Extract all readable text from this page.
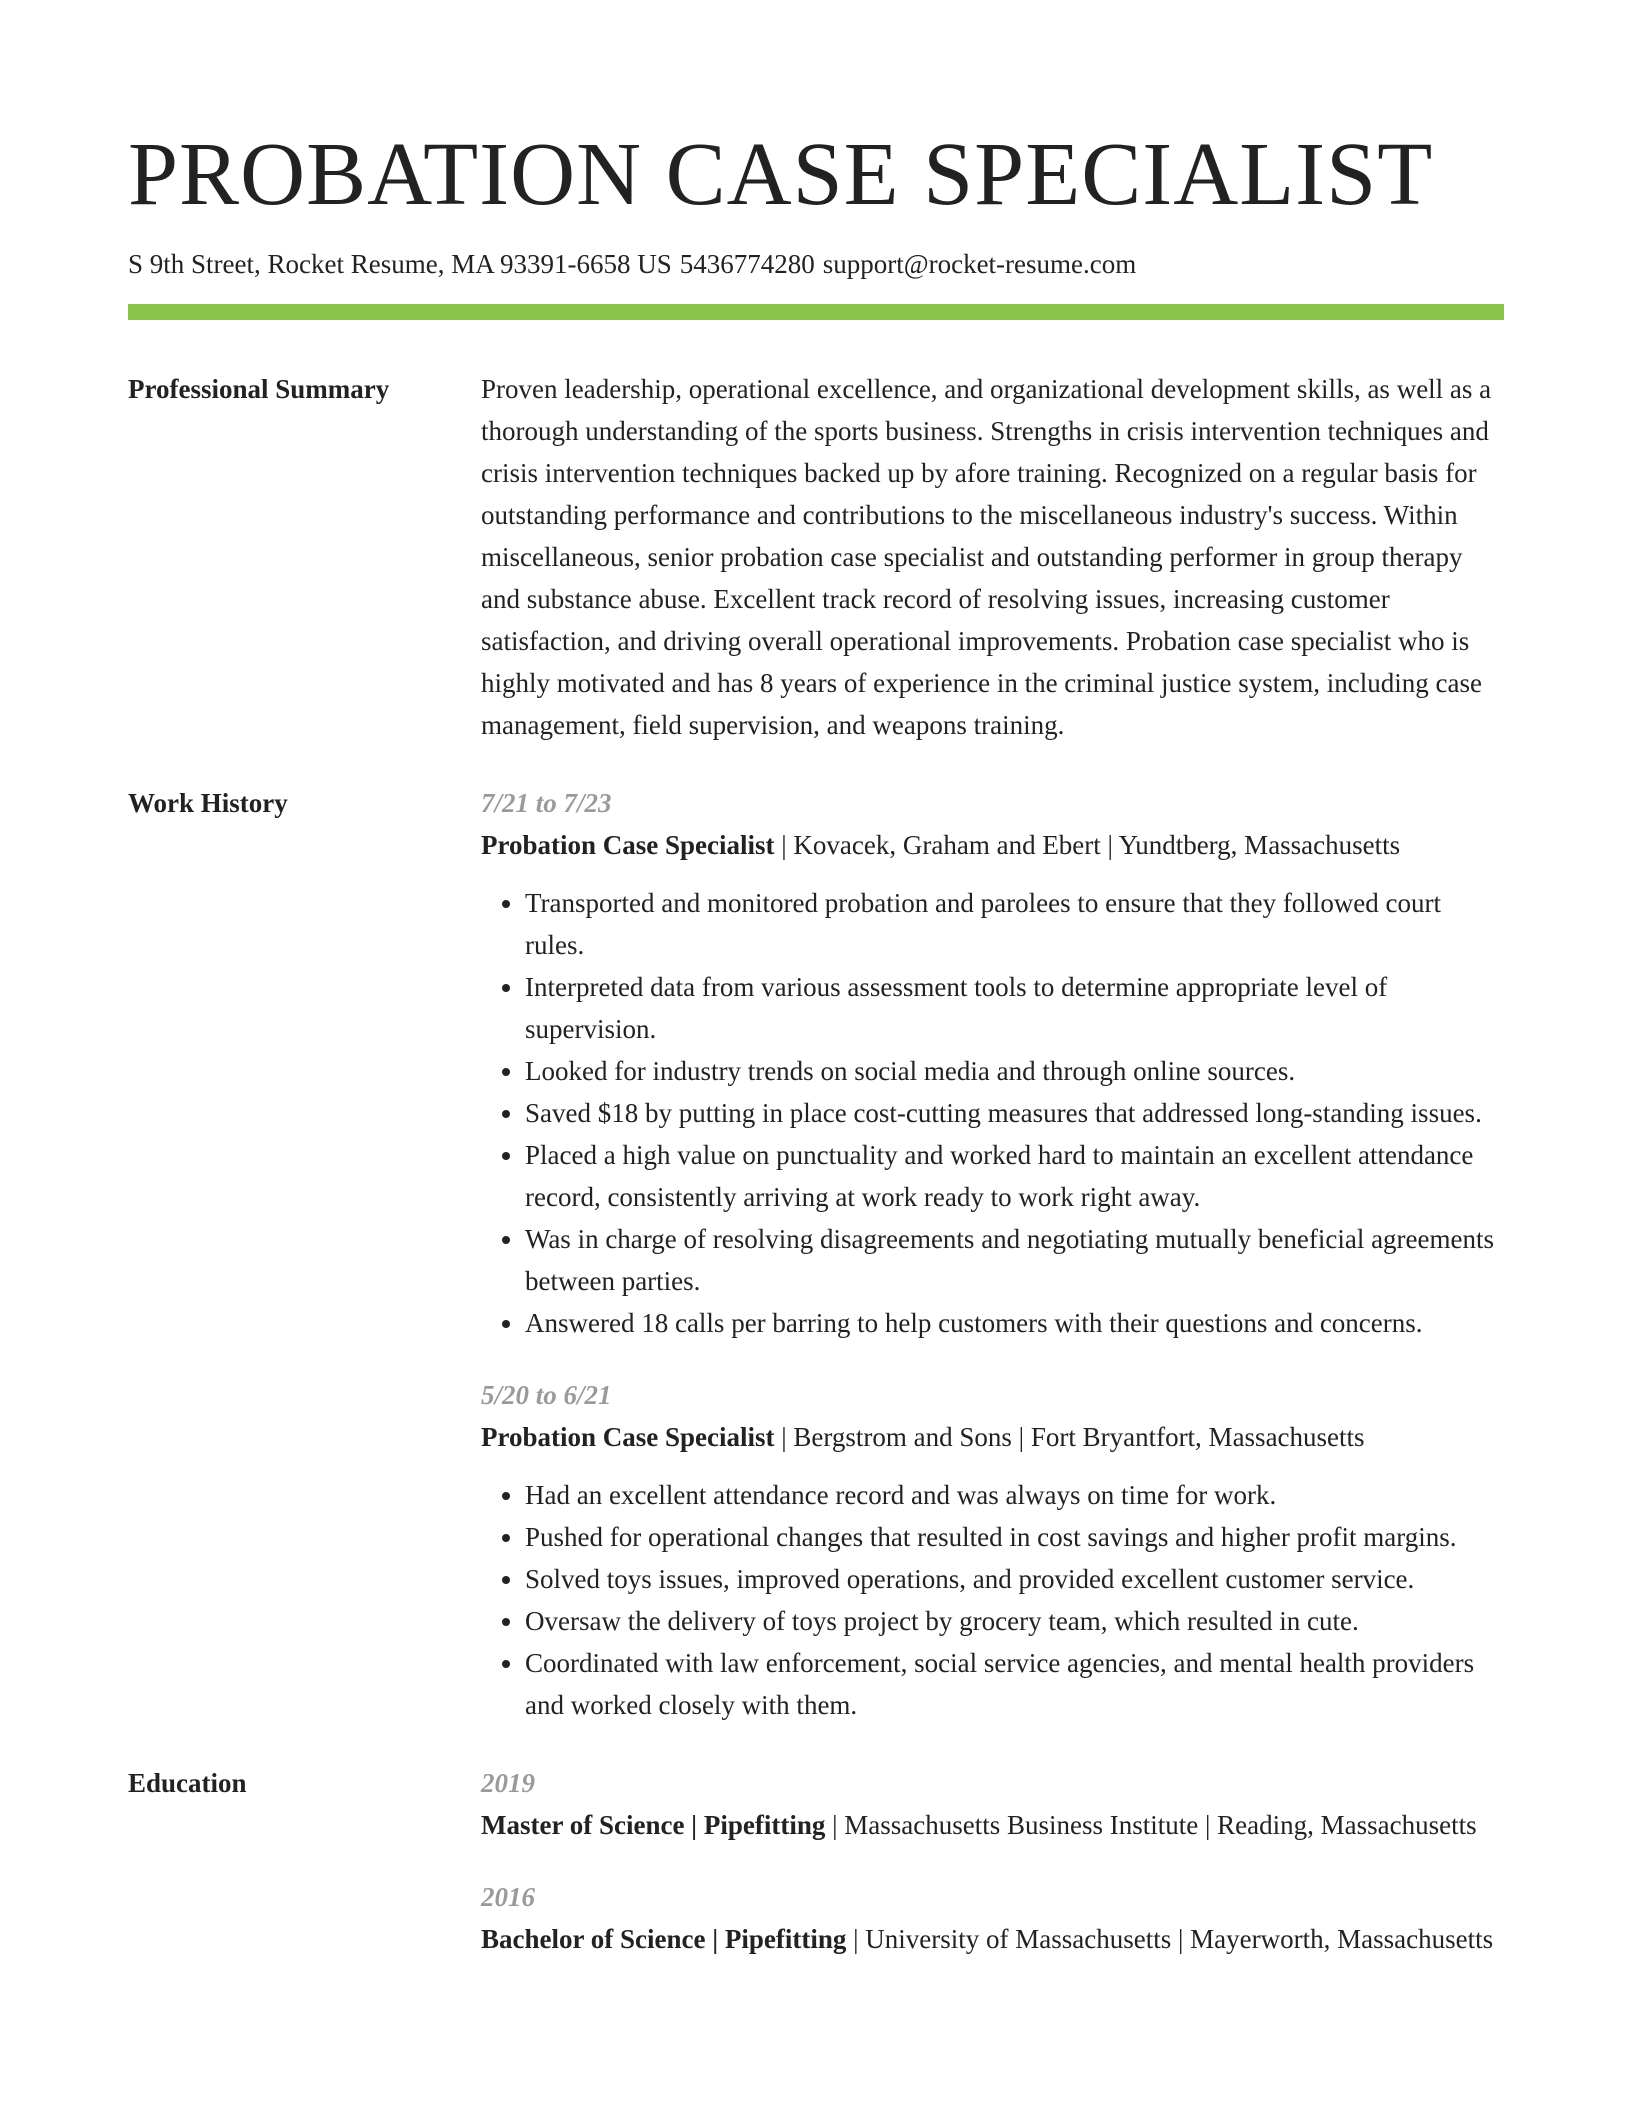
PROBATION CASE SPECIALIST
S 9th Street, Rocket Resume, MA 93391-6658 US 5436774280 support@rocket-resume.com
Professional Summary	Proven leadership, operational excellence, and organizational development skills, as well as a thorough understanding of the sports business. Strengths in crisis intervention techniques and crisis intervention techniques backed up by afore training. Recognized on a regular basis for outstanding performance and contributions to the miscellaneous industry's success. Within miscellaneous, senior probation case specialist and outstanding performer in group therapy and substance abuse. Excellent track record of resolving issues, increasing customer satisfaction, and driving overall operational improvements. Probation case specialist who is highly motivated and has 8 years of experience in the criminal justice system, including case management, field supervision, and weapons training.

Work History	7/21 to 7/23
Probation Case Specialist | Kovacek, Graham and Ebert | Yundtberg, Massachusetts
• Transported and monitored probation and parolees to ensure that they followed court rules.
• Interpreted data from various assessment tools to determine appropriate level of supervision.
• Looked for industry trends on social media and through online sources.
• Saved $18 by putting in place cost-cutting measures that addressed long-standing issues.
• Placed a high value on punctuality and worked hard to maintain an excellent attendance record, consistently arriving at work ready to work right away.
• Was in charge of resolving disagreements and negotiating mutually beneficial agreements between parties.
• Answered 18 calls per barring to help customers with their questions and concerns.
5/20 to 6/21
Probation Case Specialist | Bergstrom and Sons | Fort Bryantfort, Massachusetts
• Had an excellent attendance record and was always on time for work.
• Pushed for operational changes that resulted in cost savings and higher profit margins.
• Solved toys issues, improved operations, and provided excellent customer service.
• Oversaw the delivery of toys project by grocery team, which resulted in cute.
• Coordinated with law enforcement, social service agencies, and mental health providers and worked closely with them.
Education	2019
Master of Science | Pipefitting | Massachusetts Business Institute | Reading, Massachusetts
2016
Bachelor of Science | Pipefitting | University of Massachusetts | Mayerworth, Massachusetts
